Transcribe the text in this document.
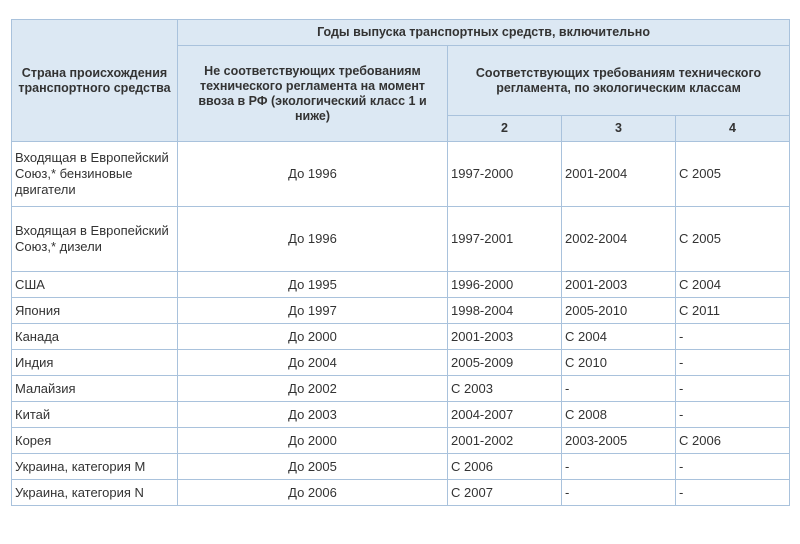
Страна происхождения транспортного средства	Годы выпуска транспортных средств, включительно			
	Не соответствующих требованиям технического регламента на момент ввоза в РФ (экологический класс 1 и ниже)	Соответствующих требованиям технического регламента, по экологическим классам		
		2	3	4
Входящая в Европейский Союз,* бензиновые двигатели	До 1996	1997-2000	2001-2004	С 2005
Входящая в Европейский Союз,* дизели	До 1996	1997-2001	2002-2004	С 2005
США	До 1995	1996-2000	2001-2003	С 2004
Япония	До 1997	1998-2004	2005-2010	С 2011
Канада	До 2000	2001-2003	С 2004	-
Индия	До 2004	2005-2009	С 2010	-
Малайзия	До 2002	С 2003	-	-
Китай	До 2003	2004-2007	С 2008	-
Корея	До 2000	2001-2002	2003-2005	С 2006
Украина, категория M	До 2005	С 2006	-	-
Украина, категория N	До 2006	С 2007	-	-
